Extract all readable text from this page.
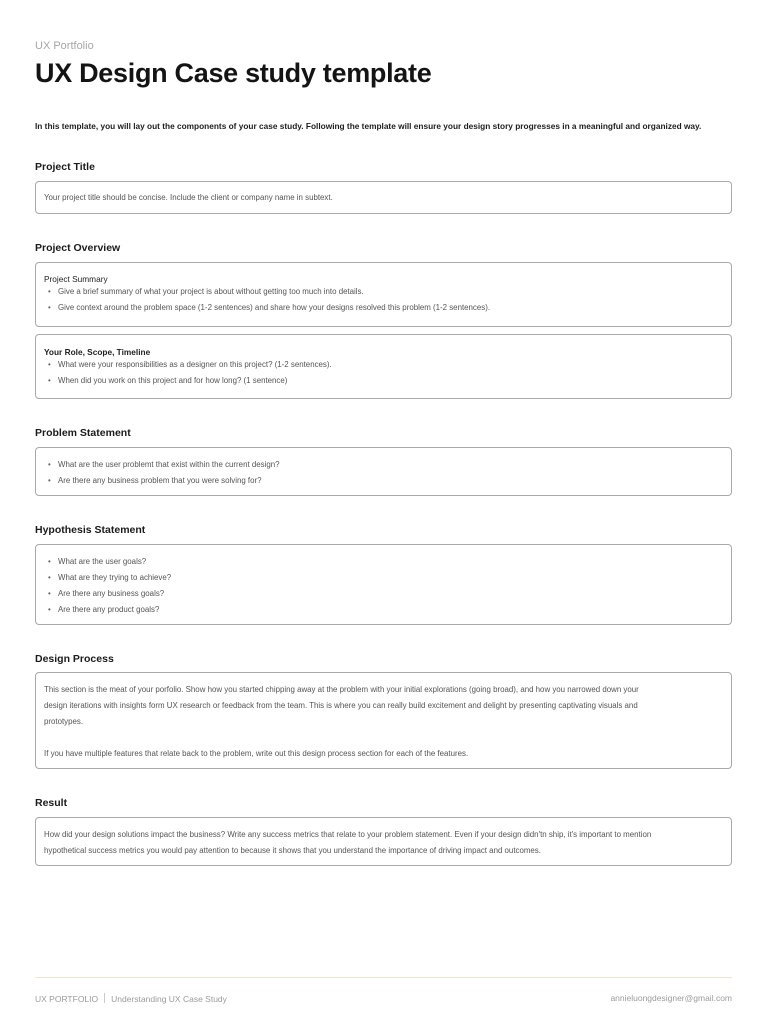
UX Portfolio
UX Design Case study template
In this template, you will lay out the components of your case study. Following the template will ensure your design story progresses in a meaningful and organized way.
Project Title
Your project title should be concise. Include the client or company name in subtext.
Project Overview
Project Summary
• Give a brief summary of what your project is about without getting too much into details.
• Give context around the problem space (1-2 sentences) and share how your designs resolved this problem (1-2 sentences).
Your Role, Scope, Timeline
• What were your responsibilities as a designer on this project? (1-2 sentences).
• When did you work on this project and for how long? (1 sentence)
Problem Statement
• What are the user problemt that exist within the current design?
• Are there any business problem that you were solving for?
Hypothesis Statement
• What are the user goals?
• What are they trying to achieve?
• Are there any business goals?
• Are there any product goals?
Design Process
This section is the meat of your porfolio. Show how you started chipping away at the problem with your initial explorations (going broad), and how you narrowed down your
design iterations with insights form UX research or feedback from the team. This is where you can really build excitement and delight by presenting captivating visuals and
prototypes.
If you have multiple features that relate back to the problem, write out this design process section for each of the features.
Result
How did your design solutions impact the business? Write any success metrics that relate to your problem statement. Even if your design didn'tn ship, it's important to mention
hypothetical success metrics you would pay attention to because it shows that you understand the importance of driving impact and outcomes.
UX PORTFOLIO Understanding UX Case Study	annieluongdesigner@gmail.com
